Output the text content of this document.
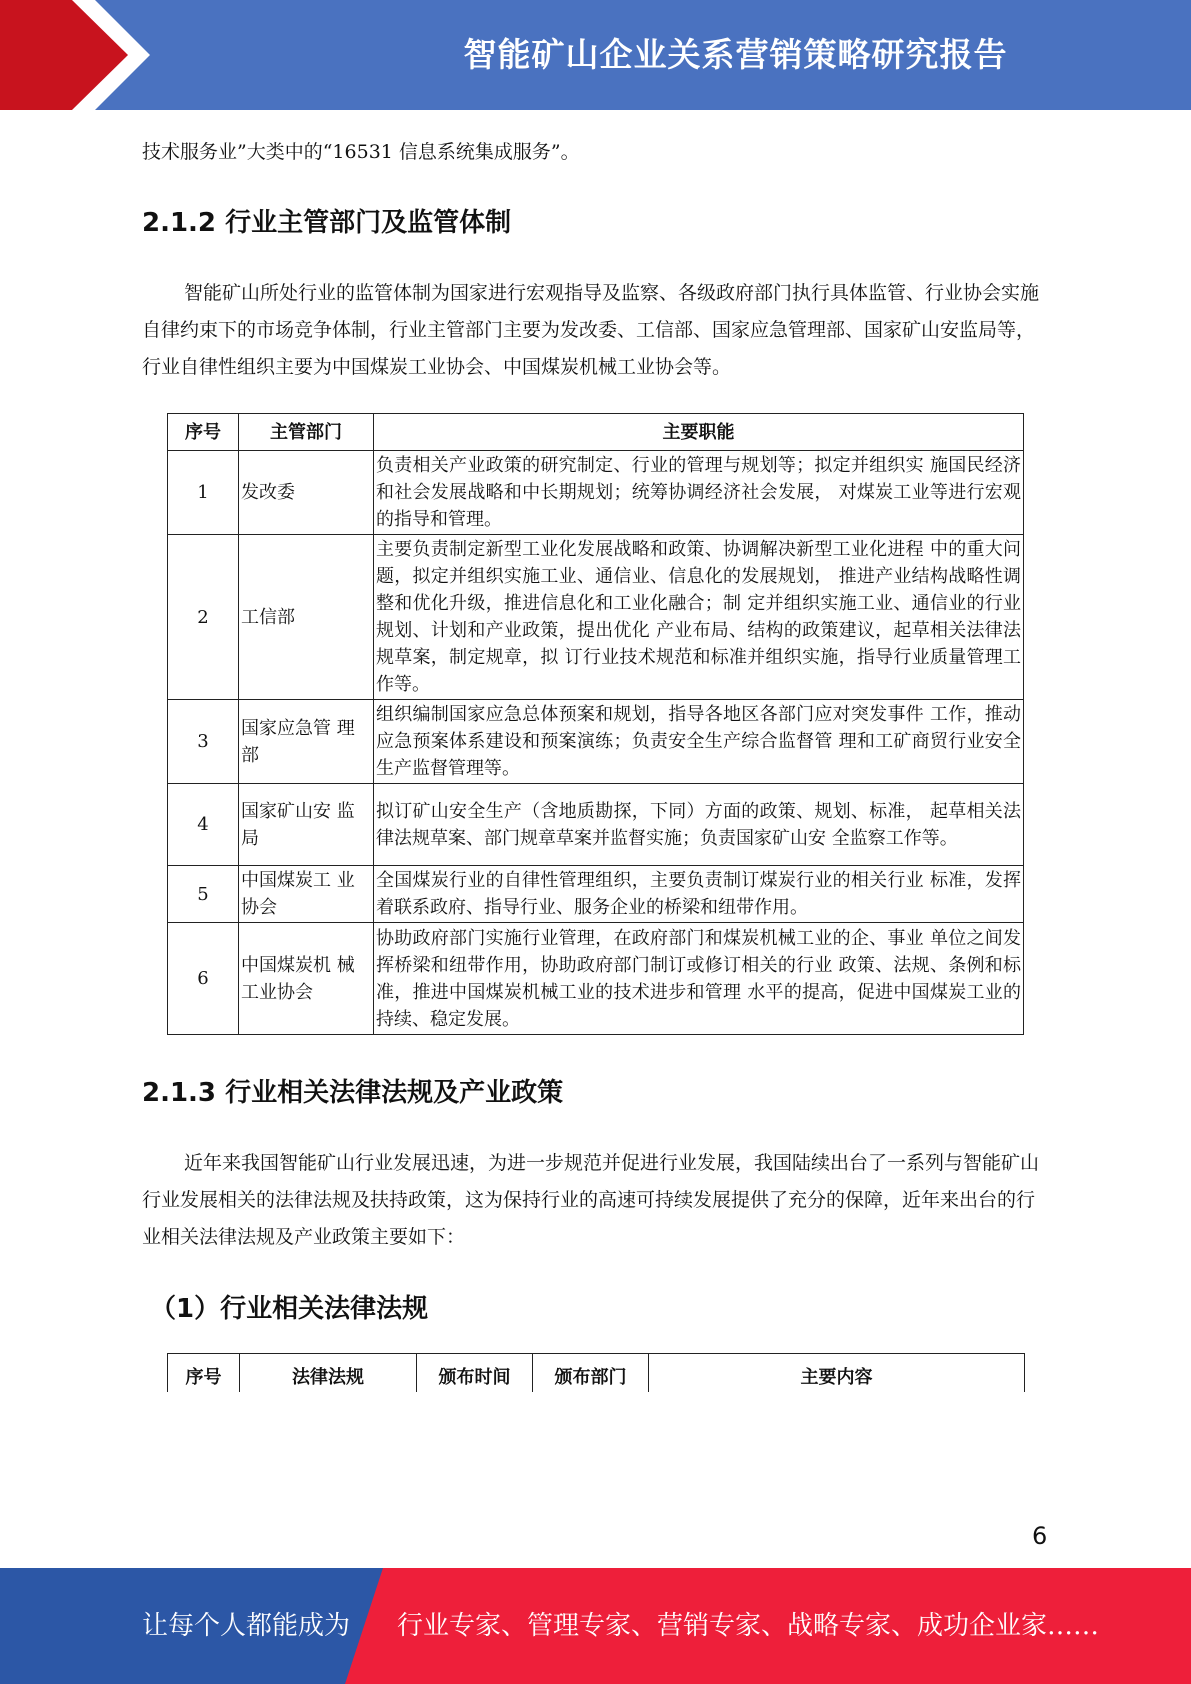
智能矿山企业关系营销策略研究报告

技术服务业”大类中的“16531 信息系统集成服务”。

2.1.2 行业主管部门及监管体制

智能矿山所处行业的监管体制为国家进行宏观指导及监察、各级政府部门执行具体监管、行业协会实施自律约束下的市场竞争体制，行业主管部门主要为发改委、工信部、国家应急管理部、国家矿山安监局等，行业自律性组织主要为中国煤炭工业协会、中国煤炭机械工业协会等。

序号	主管部门	主要职能
1	发改委	负责相关产业政策的研究制定、行业的管理与规划等；拟定并组织实 施国民经济和社会发展战略和中长期规划；统筹协调经济社会发展， 对煤炭工业等进行宏观的指导和管理。
2	工信部	主要负责制定新型工业化发展战略和政策、协调解决新型工业化进程 中的重大问题，拟定并组织实施工业、通信业、信息化的发展规划， 推进产业结构战略性调整和优化升级，推进信息化和工业化融合；制 定并组织实施工业、通信业的行业规划、计划和产业政策，提出优化 产业布局、结构的政策建议，起草相关法律法规草案，制定规章，拟 订行业技术规范和标准并组织实施，指导行业质量管理工作等。
3	国家应急管 理部	组织编制国家应急总体预案和规划，指导各地区各部门应对突发事件 工作，推动应急预案体系建设和预案演练；负责安全生产综合监督管 理和工矿商贸行业安全生产监督管理等。
4	国家矿山安 监局	拟订矿山安全生产（含地质勘探，下同）方面的政策、规划、标准， 起草相关法律法规草案、部门规章草案并监督实施；负责国家矿山安 全监察工作等。
5	中国煤炭工 业协会	全国煤炭行业的自律性管理组织，主要负责制订煤炭行业的相关行业 标准，发挥着联系政府、指导行业、服务企业的桥梁和纽带作用。
6	中国煤炭机 械工业协会	协助政府部门实施行业管理，在政府部门和煤炭机械工业的企、事业 单位之间发挥桥梁和纽带作用，协助政府部门制订或修订相关的行业 政策、法规、条例和标准，推进中国煤炭机械工业的技术进步和管理 水平的提高，促进中国煤炭工业的持续、稳定发展。
2.1.3 行业相关法律法规及产业政策

近年来我国智能矿山行业发展迅速，为进一步规范并促进行业发展，我国陆续出台了一系列与智能矿山行业发展相关的法律法规及扶持政策，这为保持行业的高速可持续发展提供了充分的保障，近年来出台的行业相关法律法规及产业政策主要如下：

（1）行业相关法律法规
序号	法律法规	颁布时间	颁布部门	主要内容
6
让每个人都能成为 行业专家、管理专家、营销专家、战略专家、成功企业家……
